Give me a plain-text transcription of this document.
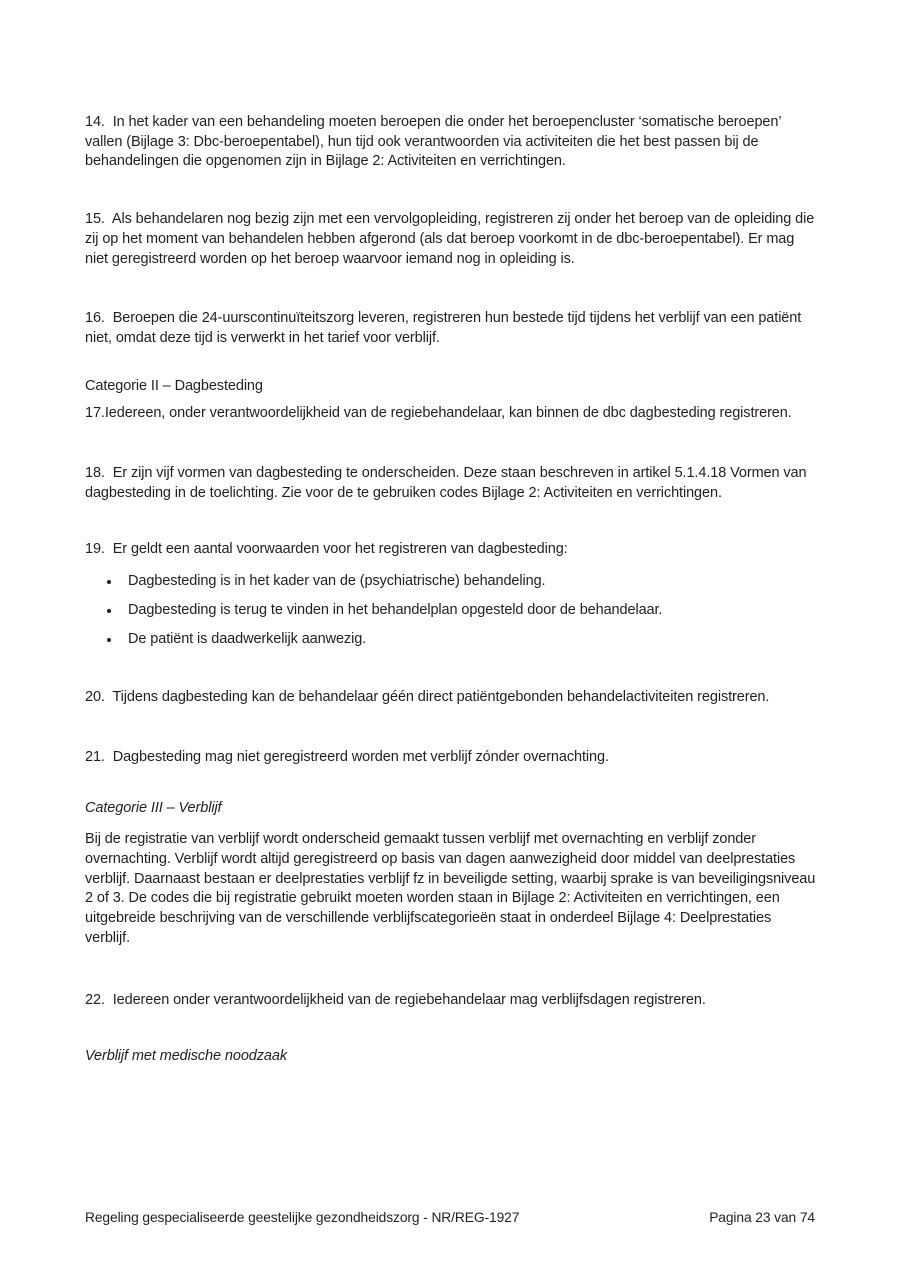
14.  In het kader van een behandeling moeten beroepen die onder het beroepencluster ‘somatische beroepen’ vallen (Bijlage 3: Dbc-beroepentabel), hun tijd ook verantwoorden via activiteiten die het best passen bij de behandelingen die opgenomen zijn in Bijlage 2: Activiteiten en verrichtingen.

15.  Als behandelaren nog bezig zijn met een vervolgopleiding, registreren zij onder het beroep van de opleiding die zij op het moment van behandelen hebben afgerond (als dat beroep voorkomt in de dbc-beroepentabel). Er mag niet geregistreerd worden op het beroep waarvoor iemand nog in opleiding is.

16.  Beroepen die 24-uurscontinuïteitszorg leveren, registreren hun bestede tijd tijdens het verblijf van een patiënt niet, omdat deze tijd is verwerkt in het tarief voor verblijf.

Categorie II – Dagbesteding

17.Iedereen, onder verantwoordelijkheid van de regiebehandelaar, kan binnen de dbc dagbesteding registreren.

18.  Er zijn vijf vormen van dagbesteding te onderscheiden. Deze staan beschreven in artikel 5.1.4.18 Vormen van dagbesteding in de toelichting. Zie voor de te gebruiken codes Bijlage 2: Activiteiten en verrichtingen.

19.  Er geldt een aantal voorwaarden voor het registreren van dagbesteding:

Dagbesteding is in het kader van de (psychiatrische) behandeling.
Dagbesteding is terug te vinden in het behandelplan opgesteld door de behandelaar.
De patiënt is daadwerkelijk aanwezig.

20.  Tijdens dagbesteding kan de behandelaar géén direct patiëntgebonden behandelactiviteiten registreren.

21.  Dagbesteding mag niet geregistreerd worden met verblijf zónder overnachting.

Categorie III – Verblijf

Bij de registratie van verblijf wordt onderscheid gemaakt tussen verblijf met overnachting en verblijf zonder overnachting. Verblijf wordt altijd geregistreerd op basis van dagen aanwezigheid door middel van deelprestaties verblijf. Daarnaast bestaan er deelprestaties verblijf fz in beveiligde setting, waarbij sprake is van beveiligingsniveau 2 of 3. De codes die bij registratie gebruikt moeten worden staan in Bijlage 2: Activiteiten en verrichtingen, een uitgebreide beschrijving van de verschillende verblijfscategorieën staat in onderdeel Bijlage 4: Deelprestaties verblijf.

22.  Iedereen onder verantwoordelijkheid van de regiebehandelaar mag verblijfsdagen registreren.

Verblijf met medische noodzaak

Regeling gespecialiseerde geestelijke gezondheidszorg - NR/REG-1927	Pagina 23 van 74
